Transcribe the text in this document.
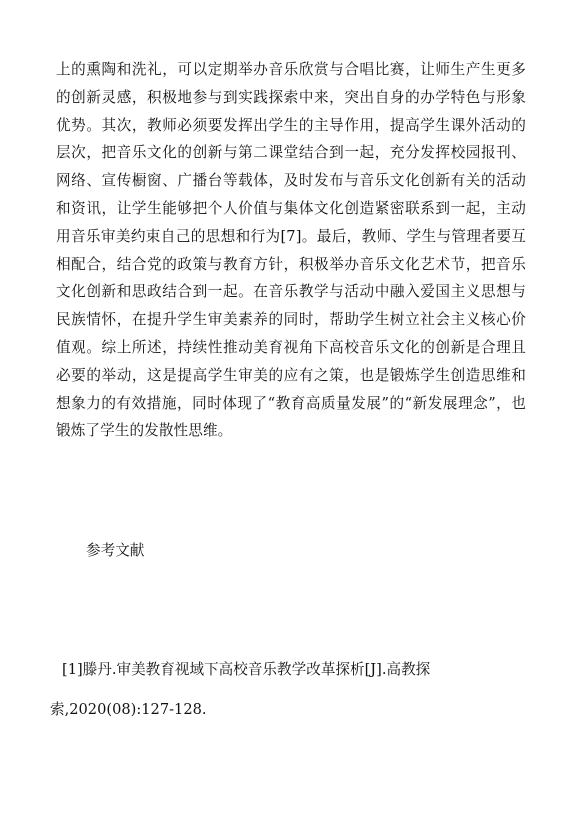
上的熏陶和洗礼，可以定期举办音乐欣赏与合唱比赛，让师生产生更多的创新灵感，积极地参与到实践探索中来，突出自身的办学特色与形象优势。其次，教师必须要发挥出学生的主导作用，提高学生课外活动的层次，把音乐文化的创新与第二课堂结合到一起，充分发挥校园报刊、网络、宣传橱窗、广播台等载体，及时发布与音乐文化创新有关的活动和资讯，让学生能够把个人价值与集体文化创造紧密联系到一起，主动用音乐审美约束自己的思想和行为[7]。最后，教师、学生与管理者要互相配合，结合党的政策与教育方针，积极举办音乐文化艺术节，把音乐文化创新和思政结合到一起。在音乐教学与活动中融入爱国主义思想与民族情怀，在提升学生审美素养的同时，帮助学生树立社会主义核心价值观。综上所述，持续性推动美育视角下高校音乐文化的创新是合理且必要的举动，这是提高学生审美的应有之策，也是锻炼学生创造思维和想象力的有效措施，同时体现了“教育高质量发展”的“新发展理念”，也锻炼了学生的发散性思维。

参考文献
[1]滕丹.审美教育视域下高校音乐教学改革探析[J].高教探
索,2020(08):127-128.
